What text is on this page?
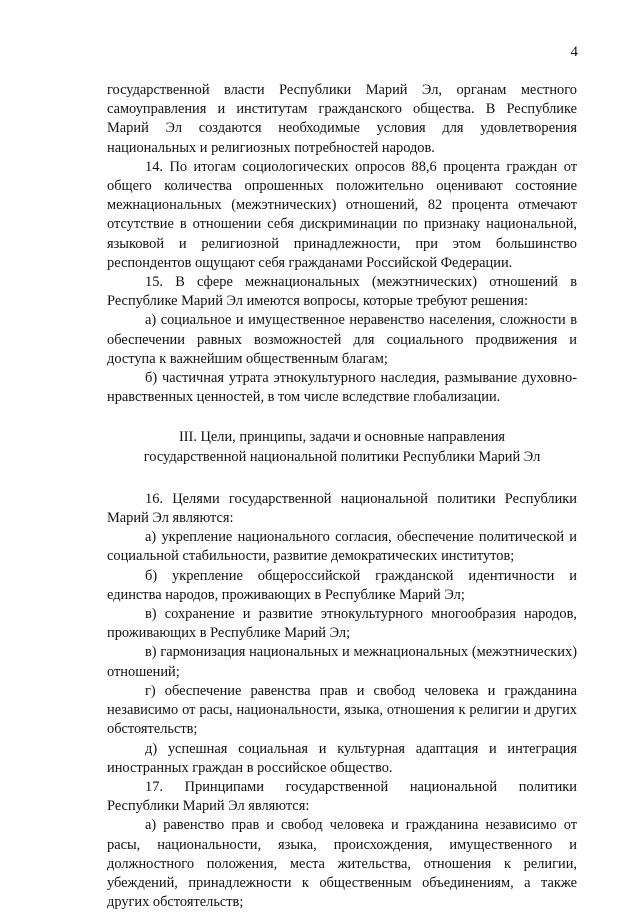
4

государственной власти Республики Марий Эл, органам местного самоуправления и институтам гражданского общества. В Республике Марий Эл создаются необходимые условия для удовлетворения национальных и религиозных потребностей народов.

14. По итогам социологических опросов 88,6 процента граждан от общего количества опрошенных положительно оценивают состояние межнациональных (межэтнических) отношений, 82 процента отмечают отсутствие в отношении себя дискриминации по признаку национальной, языковой и религиозной принадлежности, при этом большинство респондентов ощущают себя гражданами Российской Федерации.

15. В сфере межнациональных (межэтнических) отношений в Республике Марий Эл имеются вопросы, которые требуют решения:

а) социальное и имущественное неравенство населения, сложности в обеспечении равных возможностей для социального продвижения и доступа к важнейшим общественным благам;

б) частичная утрата этнокультурного наследия, размывание духовно-нравственных ценностей, в том числе вследствие глобализации.

III. Цели, принципы, задачи и основные направления
государственной национальной политики Республики Марий Эл

16. Целями государственной национальной политики Республики Марий Эл являются:

а) укрепление национального согласия, обеспечение политической и социальной стабильности, развитие демократических институтов;

б) укрепление общероссийской гражданской идентичности и единства народов, проживающих в Республике Марий Эл;

в) сохранение и развитие этнокультурного многообразия народов, проживающих в Республике Марий Эл;

в) гармонизация национальных и межнациональных (межэтнических) отношений;

г) обеспечение равенства прав и свобод человека и гражданина независимо от расы, национальности, языка, отношения к религии и других обстоятельств;

д) успешная социальная и культурная адаптация и интеграция иностранных граждан в российское общество.

17. Принципами государственной национальной политики Республики Марий Эл являются:

а) равенство прав и свобод человека и гражданина независимо от расы, национальности, языка, происхождения, имущественного и должностного положения, места жительства, отношения к религии, убеждений, принадлежности к общественным объединениям, а также других обстоятельств;
